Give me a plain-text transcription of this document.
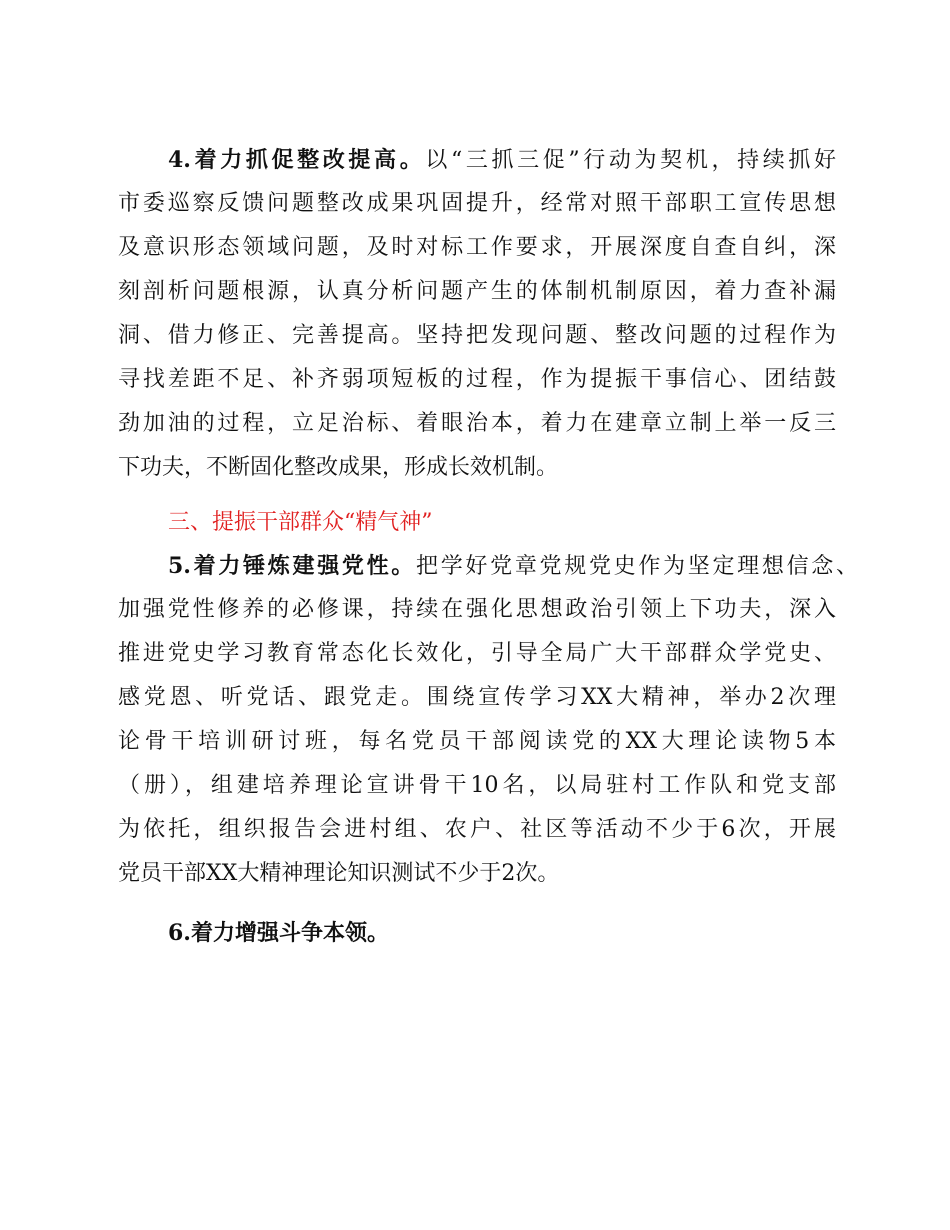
4.着力抓促整改提高。以“三抓三促”行动为契机，持续抓好
市委巡察反馈问题整改成果巩固提升，经常对照干部职工宣传思想
及意识形态领域问题，及时对标工作要求，开展深度自查自纠，深
刻剖析问题根源，认真分析问题产生的体制机制原因，着力查补漏
洞、借力修正、完善提高。坚持把发现问题、整改问题的过程作为
寻找差距不足、补齐弱项短板的过程，作为提振干事信心、团结鼓
劲加油的过程，立足治标、着眼治本，着力在建章立制上举一反三
下功夫，不断固化整改成果，形成长效机制。
三、提振干部群众“精气神”
5.着力锤炼建强党性。把学好党章党规党史作为坚定理想信念、
加强党性修养的必修课，持续在强化思想政治引领上下功夫，深入
推进党史学习教育常态化长效化，引导全局广大干部群众学党史、
感党恩、听党话、跟党走。围绕宣传学习XX大精神，举办2次理
论骨干培训研讨班，每名党员干部阅读党的XX大理论读物5本
（册），组建培养理论宣讲骨干10名，以局驻村工作队和党支部
为依托，组织报告会进村组、农户、社区等活动不少于6次，开展
党员干部XX大精神理论知识测试不少于2次。
6.着力增强斗争本领。
